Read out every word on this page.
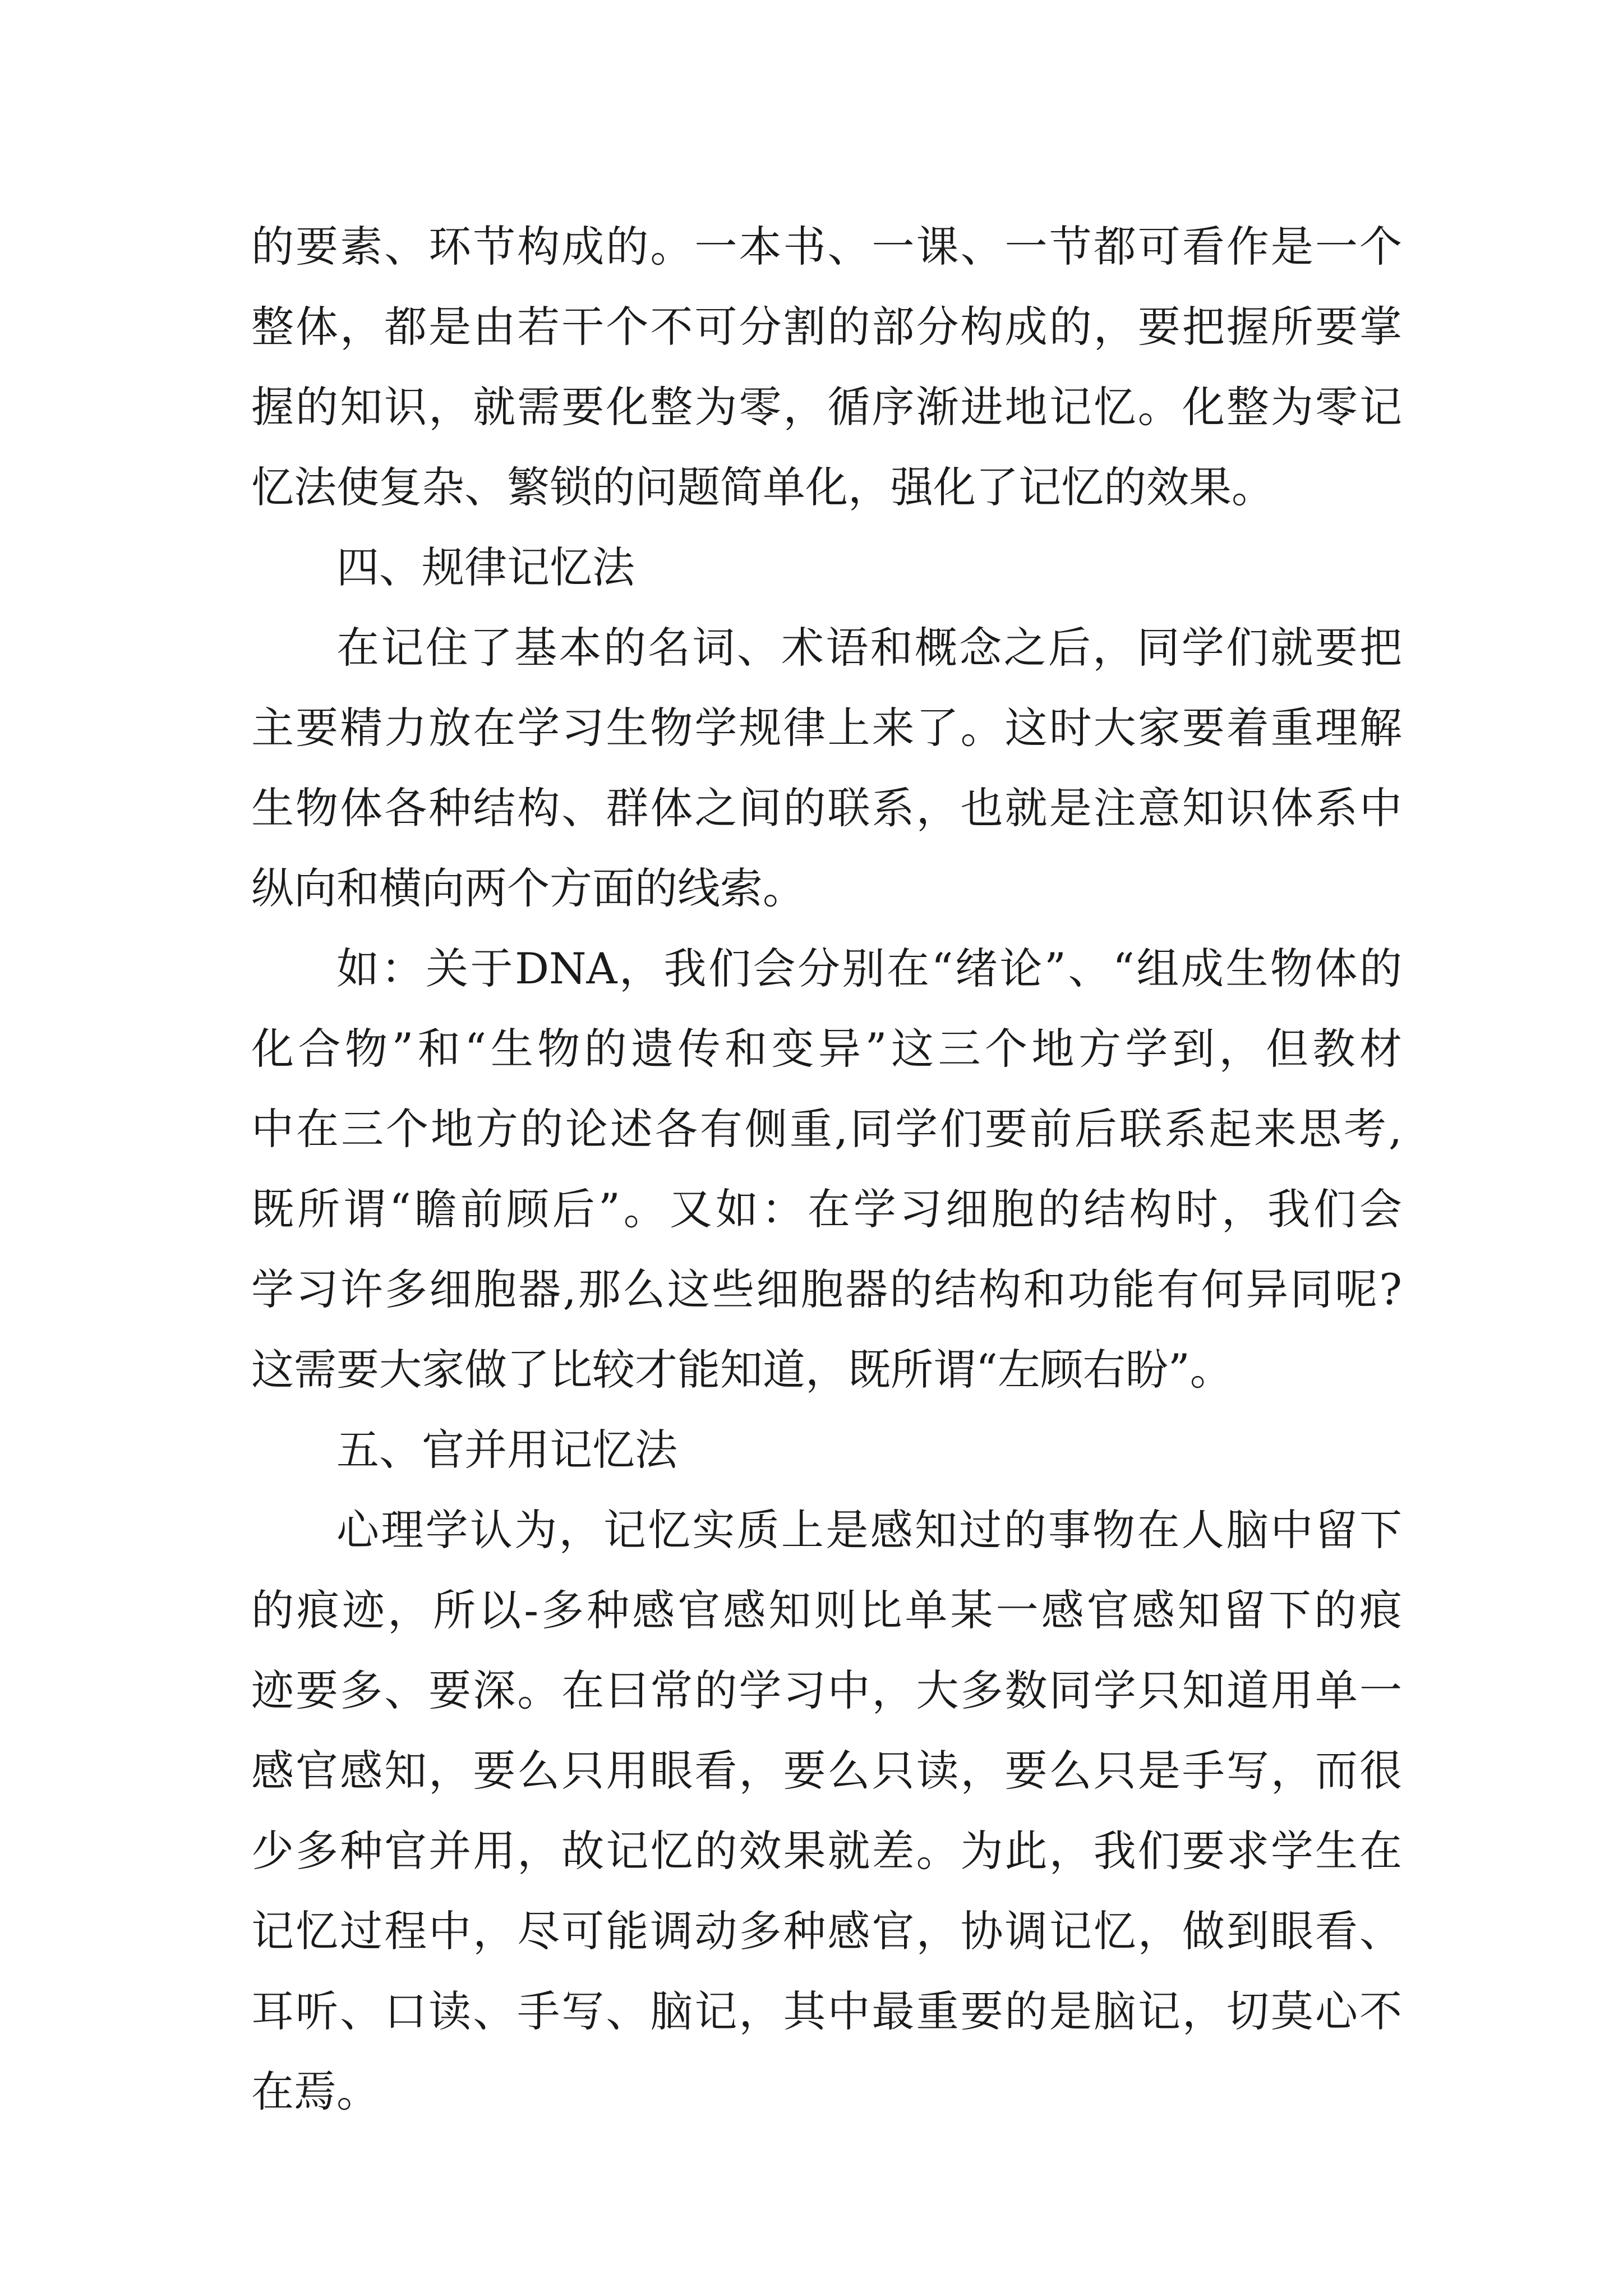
的要素、环节构成的。一本书、一课、一节都可看作是一个
整体，都是由若干个不可分割的部分构成的，要把握所要掌
握的知识，就需要化整为零，循序渐进地记忆。化整为零记
忆法使复杂、繁锁的问题简单化，强化了记忆的效果。
四、规律记忆法
在记住了基本的名词、术语和概念之后，同学们就要把
主要精力放在学习生物学规律上来了。这时大家要着重理解
生物体各种结构、群体之间的联系，也就是注意知识体系中
纵向和横向两个方面的线索。
如：关于DNA，我们会分别在“绪论”、“组成生物体的
化合物”和“生物的遗传和变异”这三个地方学到，但教材
中在三个地方的论述各有侧重,同学们要前后联系起来思考,
既所谓“瞻前顾后”。又如：在学习细胞的结构时，我们会
学习许多细胞器,那么这些细胞器的结构和功能有何异同呢?
这需要大家做了比较才能知道，既所谓“左顾右盼”。
五、官并用记忆法
心理学认为，记忆实质上是感知过的事物在人脑中留下
的痕迹，所以-多种感官感知则比单某一感官感知留下的痕
迹要多、要深。在曰常的学习中，大多数同学只知道用单一
感官感知，要么只用眼看，要么只读，要么只是手写，而很
少多种官并用，故记忆的效果就差。为此，我们要求学生在
记忆过程中，尽可能调动多种感官，协调记忆，做到眼看、
耳听、口读、手写、脑记，其中最重要的是脑记，切莫心不
在焉。
